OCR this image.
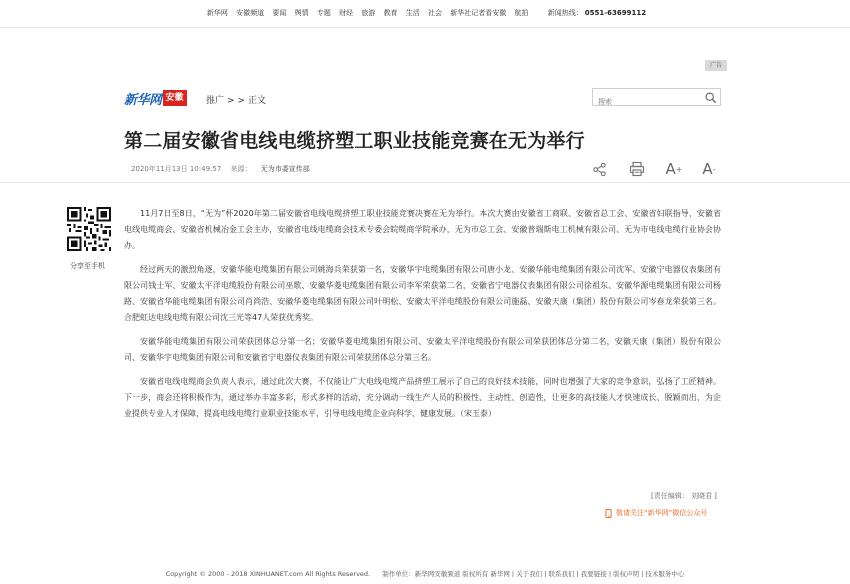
新华网 安徽频道 要闻 舆情 专题 财经 旅游 教育 生活 社会 新华社记者看安徽 航拍	新闻热线： 0551-63699112
广告
新华网 安徽	推广 > > 正文
搜索
第二届安徽省电线电缆挤塑工职业技能竞赛在无为举行
2020年11月13日 10:49:57 来源： 无为市委宣传部	A + A -
分享至手机

11月7日至8日，“无为”杯2020年第二届安徽省电线电缆挤塑工职业技能竞赛决赛在无为举行。本次大赛由安徽省工商联、安徽省总工会、安徽省妇联指导，安徽省电线电缆商会、安徽省机械冶金工会主办，安徽省电线电缆商会技术专委会皖缆商学院承办，无为市总工会、安徽普瑞斯电工机械有限公司、无为市电线电缆行业协会协办。

经过两天的激烈角逐，安徽华能电缆集团有限公司姚海兵荣获第一名，安徽华宇电缆集团有限公司唐小龙、安徽华能电缆集团有限公司沈军、安徽宁电器仪表集团有限公司钱士军、安徽太平洋电缆股份有限公司巫歌、安徽华菱电缆集团有限公司李军荣获第二名，安徽省宁电器仪表集团有限公司徐祖东、安徽华源电缆集团有限公司杨路、安徽省华能电缆集团有限公司肖尚浩、安徽华菱电缆集团有限公司叶明松、安徽太平洋电缆股份有限公司施磊、安徽天康（集团）股份有限公司岑春龙荣获第三名。合肥虹达电线电缆有限公司沈三光等47人荣获优秀奖。

安徽华能电缆集团有限公司荣获团体总分第一名；安徽华菱电缆集团有限公司、安徽太平洋电缆股份有限公司荣获团体总分第二名，安徽天康（集团）股份有限公司、安徽华宇电缆集团有限公司和安徽省宁电器仪表集团有限公司荣获团体总分第三名。

安徽省电线电缆商会负责人表示，通过此次大赛，不仅能让广大电线电缆产品挤塑工展示了自己的良好技术技能，同时也增强了大家的竞争意识，弘扬了工匠精神。下一步，商会还将积极作为，通过举办丰富多彩，形式多样的活动，充分调动一线生产人员的积极性、主动性、创造性，让更多的高技能人才快速成长、脱颖而出，为企业提供专业人才保障，提高电线电缆行业职业技能水平，引导电线电缆企业向科学、健康发展。（宋玉泰）

[责任编辑： 刘晓君 ]
敬请关注“新华网”微信公众号
Copyright © 2000 - 2018 XINHUANET.com All Rights Reserved. 制作单位：新华网安徽频道 版权所有 新华网 | 关于我们 | 联系我们 | 我要链接 | 版权声明 | 技术服务中心
